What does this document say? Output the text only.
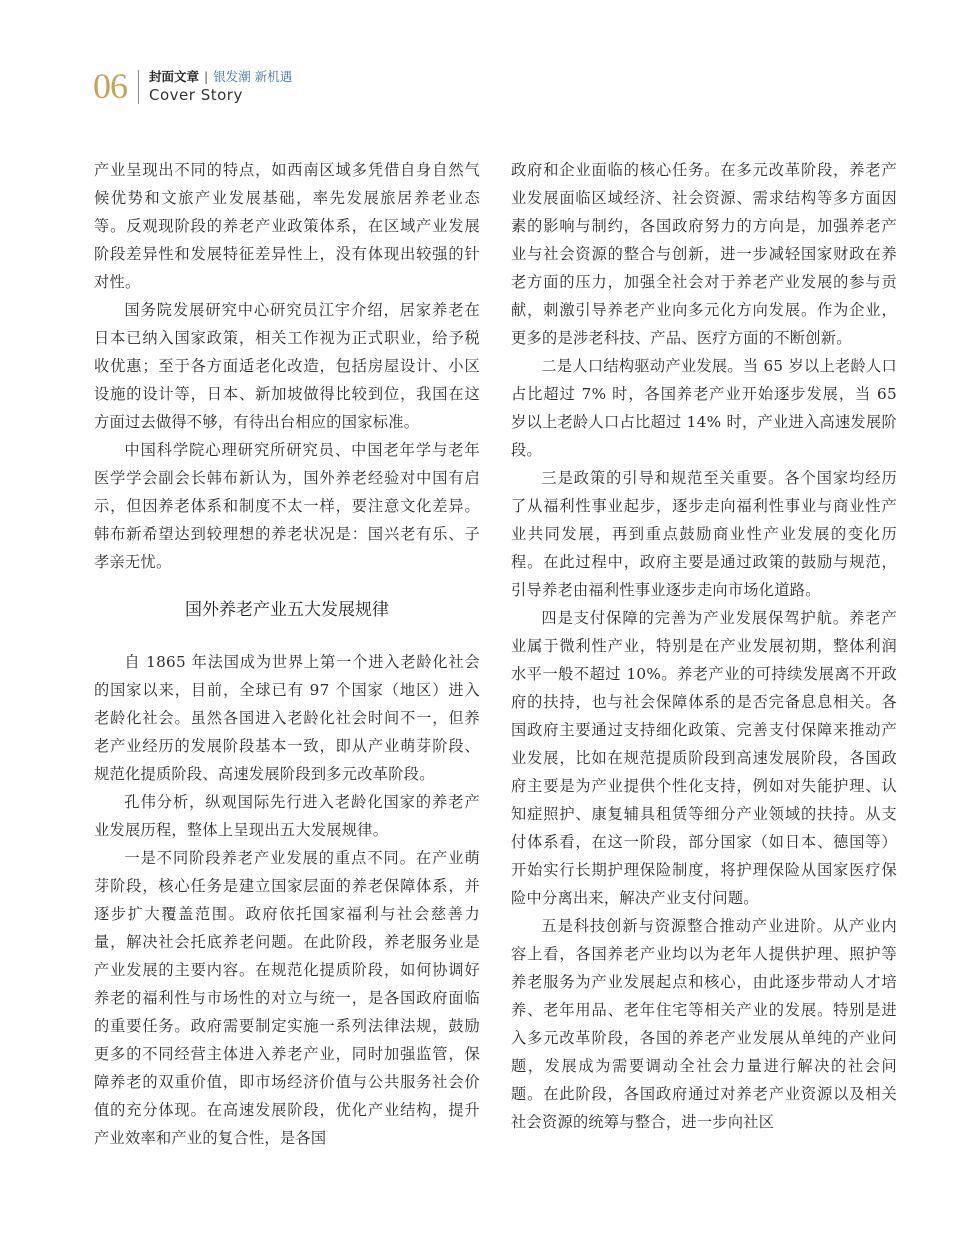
06 封面文章 | 银发潮 新机遇
Cover Story

产业呈现出不同的特点，如西南区域多凭借自身自然气候优势和文旅产业发展基础，率先发展旅居养老业态等。反观现阶段的养老产业政策体系，在区域产业发展阶段差异性和发展特征差异性上，没有体现出较强的针对性。

国务院发展研究中心研究员江宇介绍，居家养老在日本已纳入国家政策，相关工作视为正式职业，给予税收优惠；至于各方面适老化改造，包括房屋设计、小区设施的设计等，日本、新加坡做得比较到位，我国在这方面过去做得不够，有待出台相应的国家标准。

中国科学院心理研究所研究员、中国老年学与老年医学学会副会长韩布新认为，国外养老经验对中国有启示，但因养老体系和制度不太一样，要注意文化差异。韩布新希望达到较理想的养老状况是：国兴老有乐、子孝亲无忧。

国外养老产业五大发展规律

自 1865 年法国成为世界上第一个进入老龄化社会的国家以来，目前，全球已有 97 个国家（地区）进入老龄化社会。虽然各国进入老龄化社会时间不一，但养老产业经历的发展阶段基本一致，即从产业萌芽阶段、规范化提质阶段、高速发展阶段到多元改革阶段。

孔伟分析，纵观国际先行进入老龄化国家的养老产业发展历程，整体上呈现出五大发展规律。

一是不同阶段养老产业发展的重点不同。在产业萌芽阶段，核心任务是建立国家层面的养老保障体系，并逐步扩大覆盖范围。政府依托国家福利与社会慈善力量，解决社会托底养老问题。在此阶段，养老服务业是产业发展的主要内容。在规范化提质阶段，如何协调好养老的福利性与市场性的对立与统一，是各国政府面临的重要任务。政府需要制定实施一系列法律法规，鼓励更多的不同经营主体进入养老产业，同时加强监管，保障养老的双重价值，即市场经济价值与公共服务社会价值的充分体现。在高速发展阶段，优化产业结构，提升产业效率和产业的复合性，是各国

政府和企业面临的核心任务。在多元改革阶段，养老产业发展面临区域经济、社会资源、需求结构等多方面因素的影响与制约，各国政府努力的方向是，加强养老产业与社会资源的整合与创新，进一步减轻国家财政在养老方面的压力，加强全社会对于养老产业发展的参与贡献，刺激引导养老产业向多元化方向发展。作为企业，更多的是涉老科技、产品、医疗方面的不断创新。

二是人口结构驱动产业发展。当 65 岁以上老龄人口占比超过 7% 时，各国养老产业开始逐步发展，当 65 岁以上老龄人口占比超过 14% 时，产业进入高速发展阶段。

三是政策的引导和规范至关重要。各个国家均经历了从福利性事业起步，逐步走向福利性事业与商业性产业共同发展，再到重点鼓励商业性产业发展的变化历程。在此过程中，政府主要是通过政策的鼓励与规范，引导养老由福利性事业逐步走向市场化道路。

四是支付保障的完善为产业发展保驾护航。养老产业属于微利性产业，特别是在产业发展初期，整体利润水平一般不超过 10%。养老产业的可持续发展离不开政府的扶持，也与社会保障体系的是否完备息息相关。各国政府主要通过支持细化政策、完善支付保障来推动产业发展，比如在规范提质阶段到高速发展阶段，各国政府主要是为产业提供个性化支持，例如对失能护理、认知症照护、康复辅具租赁等细分产业领域的扶持。从支付体系看，在这一阶段，部分国家（如日本、德国等）开始实行长期护理保险制度，将护理保险从国家医疗保险中分离出来，解决产业支付问题。

五是科技创新与资源整合推动产业进阶。从产业内容上看，各国养老产业均以为老年人提供护理、照护等养老服务为产业发展起点和核心，由此逐步带动人才培养、老年用品、老年住宅等相关产业的发展。特别是进入多元改革阶段，各国的养老产业发展从单纯的产业问题，发展成为需要调动全社会力量进行解决的社会问题。在此阶段，各国政府通过对养老产业资源以及相关社会资源的统筹与整合，进一步向社区
